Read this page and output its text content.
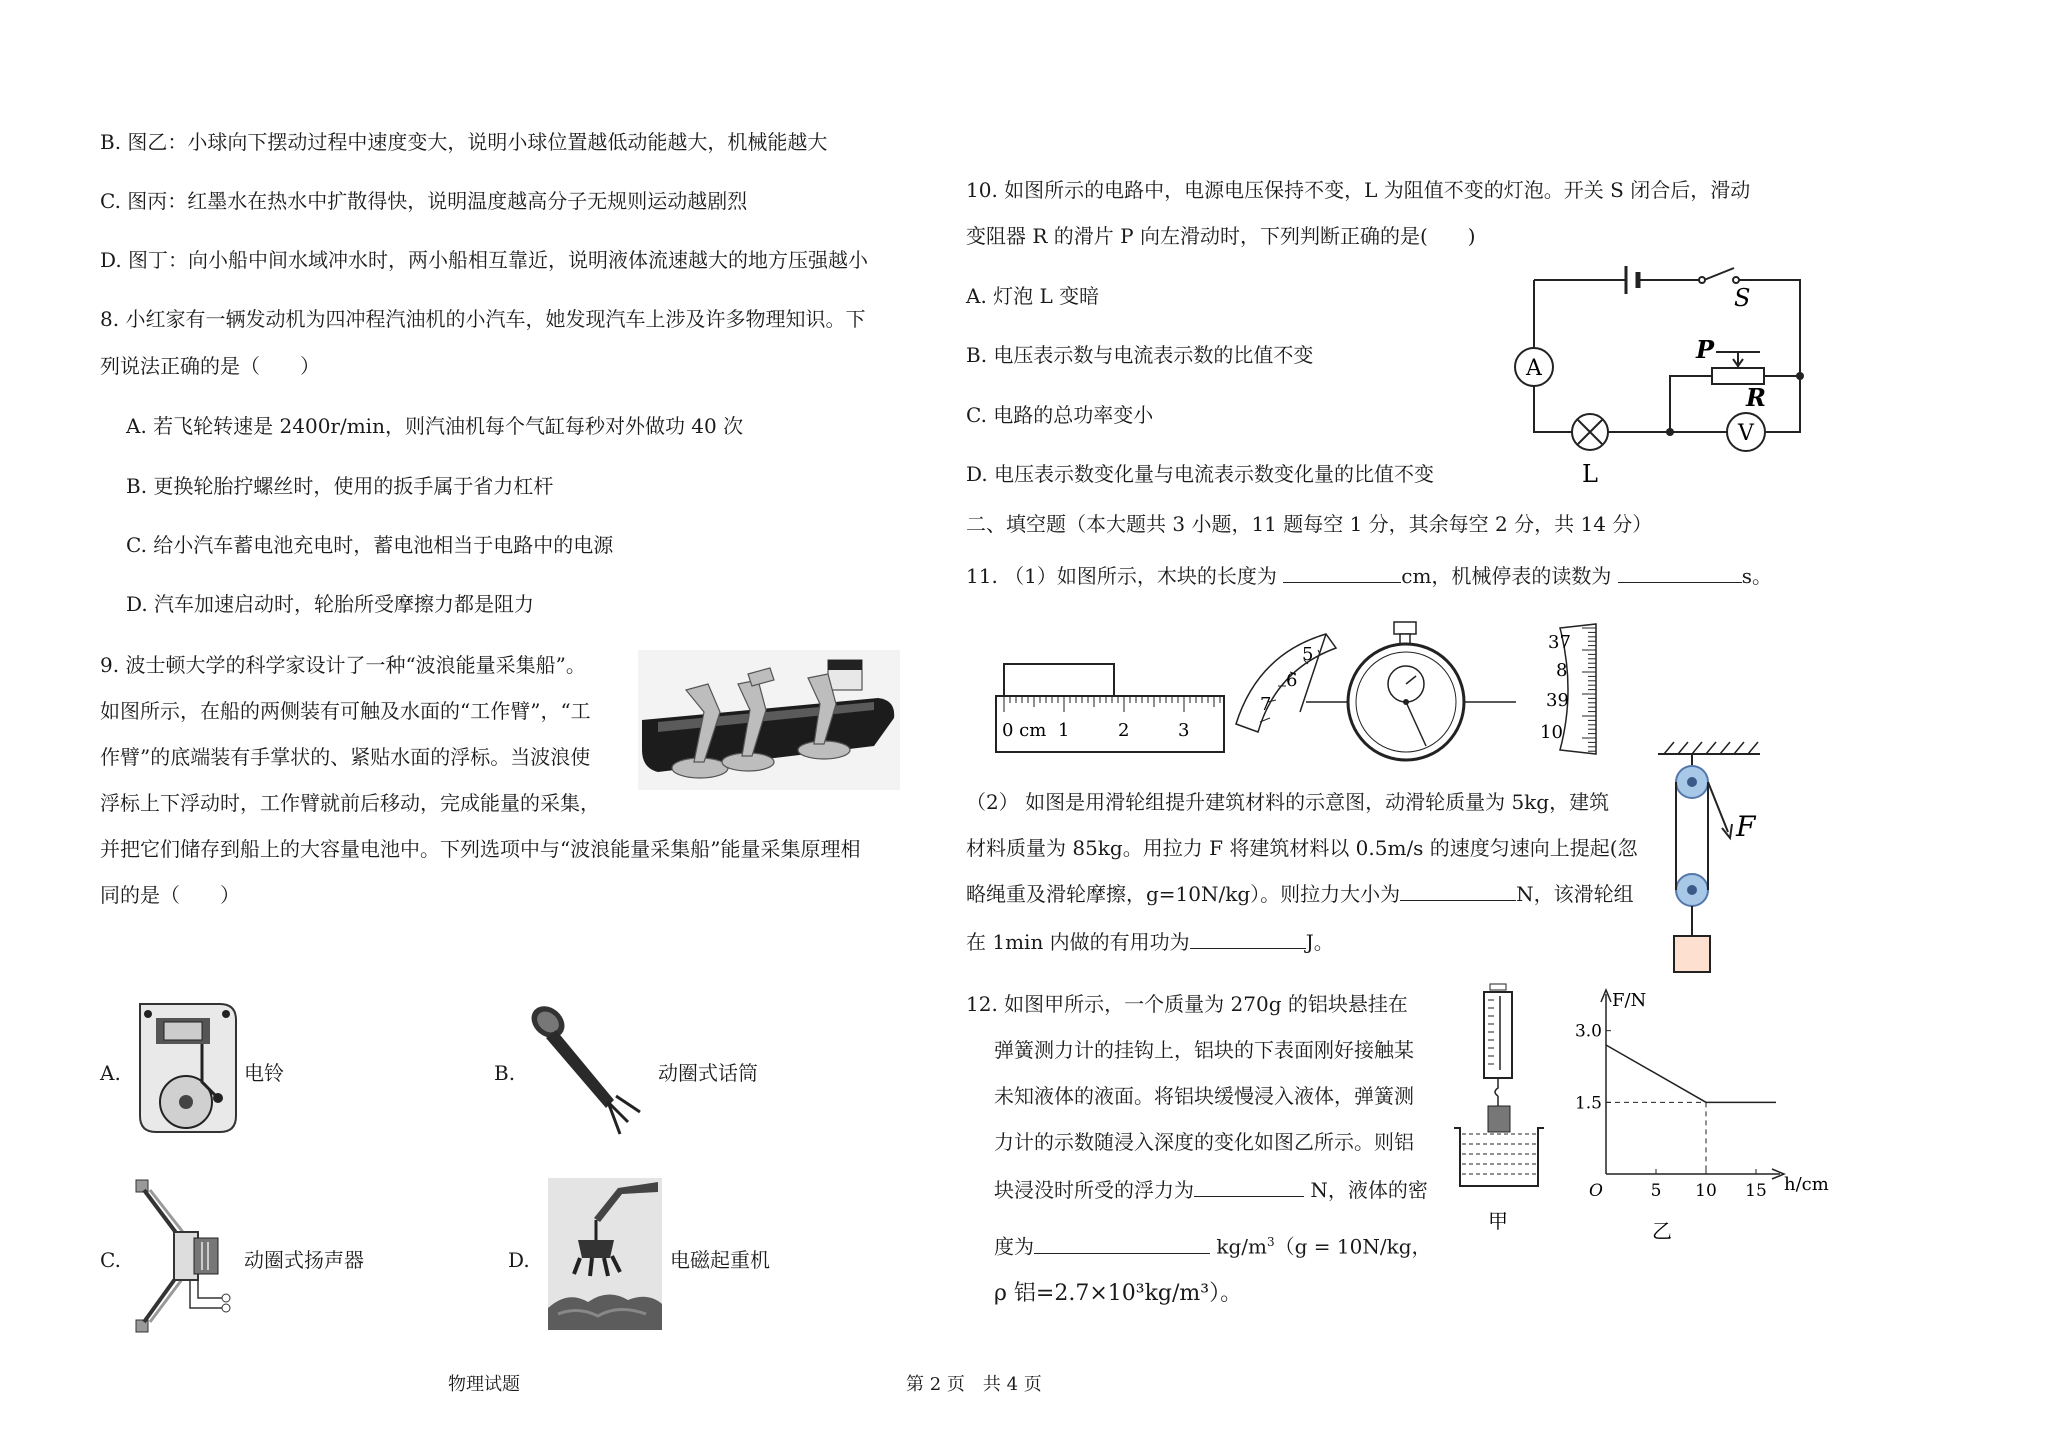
B. 图乙：小球向下摆动过程中速度变大，说明小球位置越低动能越大，机械能越大
C. 图丙：红墨水在热水中扩散得快，说明温度越高分子无规则运动越剧烈
D. 图丁：向小船中间水域冲水时，两小船相互靠近，说明液体流速越大的地方压强越小
8. 小红家有一辆发动机为四冲程汽油机的小汽车，她发现汽车上涉及许多物理知识。下
列说法正确的是（　　）
A. 若飞轮转速是 2400r/min，则汽油机每个气缸每秒对外做功 40 次
B. 更换轮胎拧螺丝时，使用的扳手属于省力杠杆
C. 给小汽车蓄电池充电时，蓄电池相当于电路中的电源
D. 汽车加速启动时，轮胎所受摩擦力都是阻力
9. 波士顿大学的科学家设计了一种“波浪能量采集船”。
如图所示，在船的两侧装有可触及水面的“工作臂”，“工
作臂”的底端装有手掌状的、紧贴水面的浮标。当波浪使
浮标上下浮动时，工作臂就前后移动，完成能量的采集，
并把它们储存到船上的大容量电池中。下列选项中与“波浪能量采集船”能量采集原理相
同的是（　　）
A.	电铃	B.	动圈式话筒
C.	动圈式扬声器	D.	电磁起重机
10. 如图所示的电路中，电源电压保持不变，L 为阻值不变的灯泡。开关 S 闭合后，滑动
变阻器 R 的滑片 P 向左滑动时，下列判断正确的是(　　)
A. 灯泡 L 变暗
B. 电压表示数与电流表示数的比值不变
C. 电路的总功率变小
D. 电压表示数变化量与电流表示数变化量的比值不变
A
V
S
P
R
L
二、填空题（本大题共 3 小题，11 题每空 1 分，其余每空 2 分，共 14 分）
11. （1）如图所示，木块的长度为	cm，机械停表的读数为	s。
0 cm 1	2	3
7
6
5
37
8
39
10
（2） 如图是用滑轮组提升建筑材料的示意图，动滑轮质量为 5kg，建筑
材料质量为 85kg。用拉力 F 将建筑材料以 0.5m/s 的速度匀速向上提起(忽
略绳重及滑轮摩擦，g=10N/kg）。则拉力大小为	N，该滑轮组
在 1min 内做的有用功为	J。
F
12. 如图甲所示，一个质量为 270g 的铝块悬挂在
弹簧测力计的挂钩上，铝块的下表面刚好接触某
未知液体的液面。将铝块缓慢浸入液体，弹簧测
力计的示数随浸入深度的变化如图乙所示。则铝
块浸没时所受的浮力为	N，液体的密
度为	$kg/m^3(g = 10N/kg$，
ρ 铝=2.7×10³kg/m³）。
甲
3.0
1.5
O	5 10 15
F/N
h/cm
乙
物理试题	第 2 页　共 4 页
